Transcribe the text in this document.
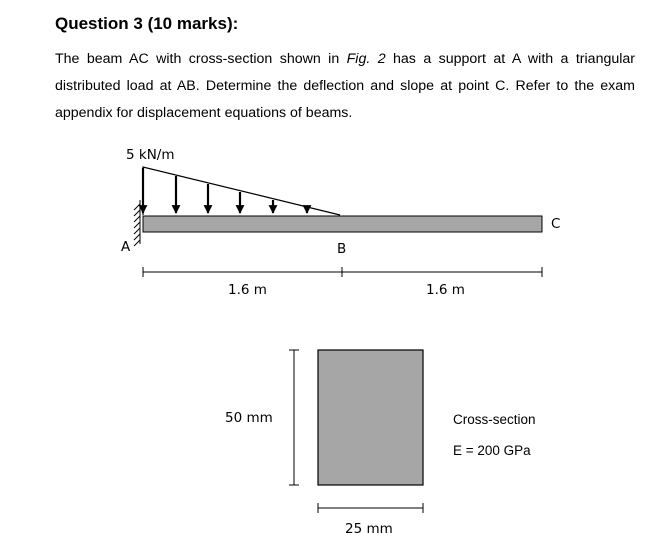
Question 3 (10 marks):
The beam AC with cross-section shown in Fig. 2 has a support at A with a triangular distributed load at AB. Determine the deflection and slope at point C. Refer to the exam appendix for displacement equations of beams.
5 kN/m
A	B
C
1.6 m	1.6 m
50 mm
25 mm
Cross-section
E = 200 GPa
